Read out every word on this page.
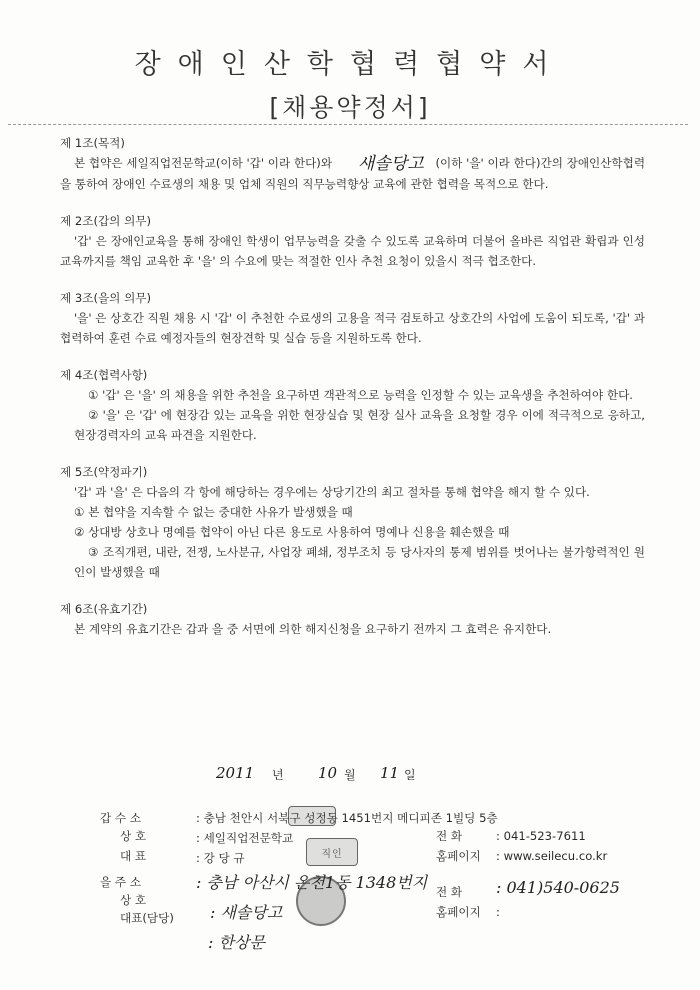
장애인산학협력협약서
[채용약정서]

제 1조(목적)

본 협약은 세일직업전문학교(이하 '갑' 이라 한다)와 새솔당고 (이하 '을' 이라 한다)간의 장애인산학협력을 통하여 장애인 수료생의 채용 및 업체 직원의 직무능력향상 교육에 관한 협력을 목적으로 한다.

제 2조(갑의 의무)

'갑' 은 장애인교육을 통해 장애인 학생이 업무능력을 갖출 수 있도록 교육하며 더불어 올바른 직업관 확립과 인성교육까지를 책임 교육한 후 '을' 의 수요에 맞는 적절한 인사 추천 요청이 있을시 적극 협조한다.

제 3조(을의 의무)

'을' 은 상호간 직원 채용 시 '갑' 이 추천한 수료생의 고용을 적극 검토하고 상호간의 사업에 도움이 되도록, '갑' 과 협력하여 훈련 수료 예정자들의 현장견학 및 실습 등을 지원하도록 한다.

제 4조(협력사항)

① '갑' 은 '을' 의 채용을 위한 추천을 요구하면 객관적으로 능력을 인정할 수 있는 교육생을 추천하여야 한다.

② '을' 은 '갑' 에 현장감 있는 교육을 위한 현장실습 및 현장 실사 교육을 요청할 경우 이에 적극적으로 응하고, 현장경력자의 교육 파견을 지원한다.

제 5조(약정파기)

'갑' 과 '을' 은 다음의 각 항에 해당하는 경우에는 상당기간의 최고 절차를 통해 협약을 해지 할 수 있다.

① 본 협약을 지속할 수 없는 중대한 사유가 발생했을 때

② 상대방 상호나 명예를 협약이 아닌 다른 용도로 사용하여 명예나 신용을 훼손했을 때

③ 조직개편, 내란, 전쟁, 노사분규, 사업장 폐쇄, 정부조치 등 당사자의 통제 범위를 벗어나는 불가항력적인 원인이 발생했을 때

제 6조(유효기간)

본 계약의 유효기간은 갑과 을 중 서면에 의한 해지신청을 요구하기 전까지 그 효력은 유지한다.

2011 년 10 월 11 일
직인
갑 수 소
상 호
대 표
: 충남 천안시 서북구 성정동 1451번지 메디피존 1빌딩 5층
: 세일직업전문학교
: 강 당 규
전 화
홈페이지
: 041-523-7611
: www.seilecu.co.kr
을 주 소
상 호
대표(담당)
: 충남 아산시 온천1동 1348번지
: 새솔당고
: 한상문
전 화
홈페이지
: 041)540-0625
:
